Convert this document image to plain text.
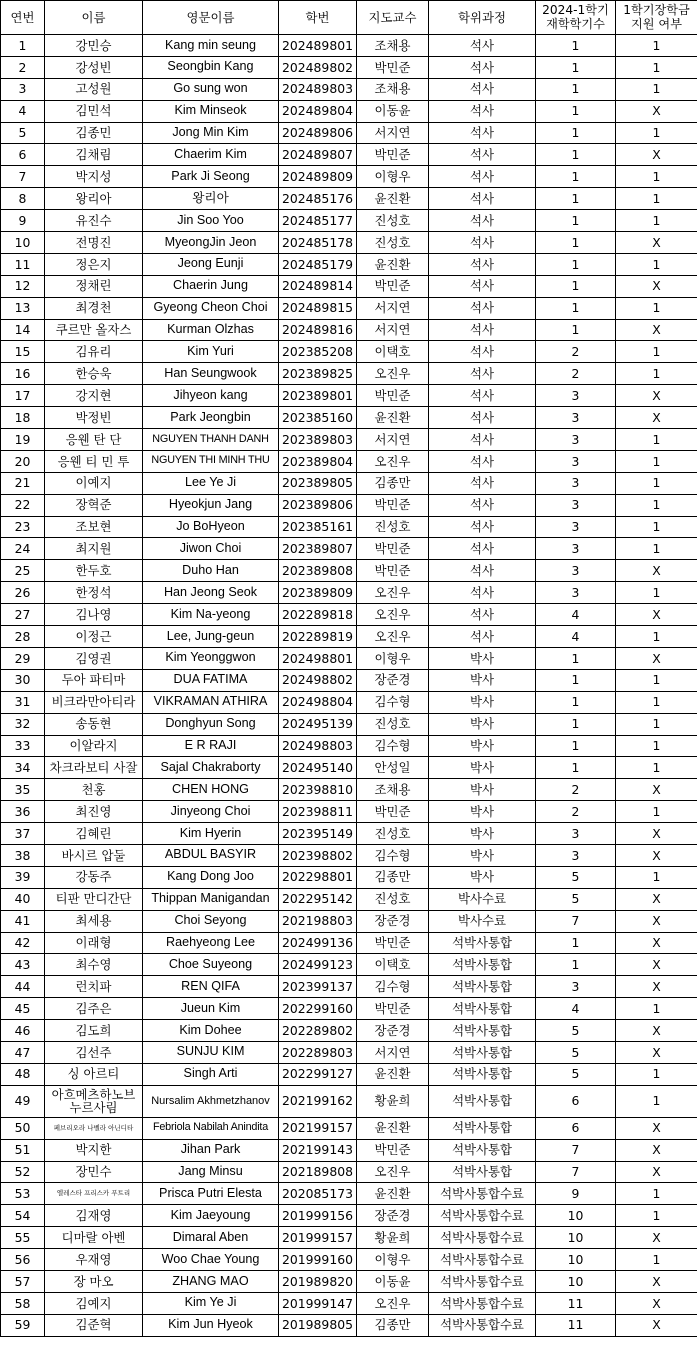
연번	이름	영문이름	학번	지도교수	학위과정	2024-1학기 재학학기수	1학기장학금 지원 여부
1	강민승	Kang min seung	202489801	조채용	석사	1	1
2	강성빈	Seongbin Kang	202489802	박민준	석사	1	1
3	고성원	Go sung won	202489803	조채용	석사	1	1
4	김민석	Kim Minseok	202489804	이동윤	석사	1	X
5	김종민	Jong Min Kim	202489806	서지연	석사	1	1
6	김채림	Chaerim Kim	202489807	박민준	석사	1	X
7	박지성	Park Ji Seong	202489809	이형우	석사	1	1
8	왕리아	왕리아	202485176	윤진환	석사	1	1
9	유진수	Jin Soo Yoo	202485177	진성호	석사	1	1
10	전명진	MyeongJin Jeon	202485178	진성호	석사	1	X
11	정은지	Jeong Eunji	202485179	윤진환	석사	1	1
12	정채린	Chaerin Jung	202489814	박민준	석사	1	X
13	최경천	Gyeong Cheon Choi	202489815	서지연	석사	1	1
14	쿠르만 올자스	Kurman Olzhas	202489816	서지연	석사	1	X
15	김유리	Kim Yuri	202385208	이택호	석사	2	1
16	한승욱	Han Seungwook	202389825	오진우	석사	2	1
17	강지현	Jihyeon kang	202389801	박민준	석사	3	X
18	박정빈	Park Jeongbin	202385160	윤진환	석사	3	X
19	응웬 탄 단	NGUYEN THANH DANH	202389803	서지연	석사	3	1
20	응웬 티 민 투	NGUYEN THI MINH THU	202389804	오진우	석사	3	1
21	이예지	Lee Ye Ji	202389805	김종만	석사	3	1
22	장혁준	Hyeokjun Jang	202389806	박민준	석사	3	1
23	조보현	Jo BoHyeon	202385161	진성호	석사	3	1
24	최지원	Jiwon Choi	202389807	박민준	석사	3	1
25	한두호	Duho Han	202389808	박민준	석사	3	X
26	한정석	Han Jeong Seok	202389809	오진우	석사	3	1
27	김나영	Kim Na-yeong	202289818	오진우	석사	4	X
28	이정근	Lee, Jung-geun	202289819	오진우	석사	4	1
29	김영권	Kim Yeonggwon	202498801	이형우	박사	1	X
30	두아 파티마	DUA FATIMA	202498802	장준경	박사	1	1
31	비크라만아티라	VIKRAMAN ATHIRA	202498804	김수형	박사	1	1
32	송동현	Donghyun Song	202495139	진성호	박사	1	1
33	이알라지	E R RAJI	202498803	김수형	박사	1	1
34	차크라보티 사잘	Sajal Chakraborty	202495140	안성일	박사	1	1
35	천홍	CHEN HONG	202398810	조채용	박사	2	X
36	최진영	Jinyeong Choi	202398811	박민준	박사	2	1
37	김혜린	Kim Hyerin	202395149	진성호	박사	3	X
38	바시르 압둘	ABDUL BASYIR	202398802	김수형	박사	3	X
39	강동주	Kang Dong Joo	202298801	김종만	박사	5	1
40	티판 만디간단	Thippan Manigandan	202295142	진성호	박사수료	5	X
41	최세용	Choi Seyong	202198803	장준경	박사수료	7	X
42	이래형	Raehyeong Lee	202499136	박민준	석박사통합	1	X
43	최수영	Choe Suyeong	202499123	이택호	석박사통합	1	X
44	런치파	REN QIFA	202399137	김수형	석박사통합	3	X
45	김주은	Jueun Kim	202299160	박민준	석박사통합	4	1
46	김도희	Kim Dohee	202289802	장준경	석박사통합	5	X
47	김선주	SUNJU KIM	202289803	서지연	석박사통합	5	X
48	싱 아르티	Singh Arti	202299127	윤진환	석박사통합	5	1
49	아흐메츠하노브 누르사림	Nursalim Akhmetzhanov	202199162	황윤희	석박사통합	6	1
50	페브리오라 나벨라 아닌디타	Febriola Nabilah Anindita	202199157	윤진환	석박사통합	6	X
51	박지한	Jihan Park	202199143	박민준	석박사통합	7	X
52	장민수	Jang Minsu	202189808	오진우	석박사통합	7	X
53	엘레스타 프리스카 푸트리	Prisca Putri Elesta	202085173	윤진환	석박사통합수료	9	1
54	김재영	Kim Jaeyoung	201999156	장준경	석박사통합수료	10	1
55	디마랄 아벤	Dimaral Aben	201999157	황윤희	석박사통합수료	10	X
56	우재영	Woo Chae Young	201999160	이형우	석박사통합수료	10	1
57	장 마오	ZHANG MAO	201989820	이동윤	석박사통합수료	10	X
58	김예지	Kim Ye Ji	201999147	오진우	석박사통합수료	11	X
59	김준혁	Kim Jun Hyeok	201989805	김종만	석박사통합수료	11	X
